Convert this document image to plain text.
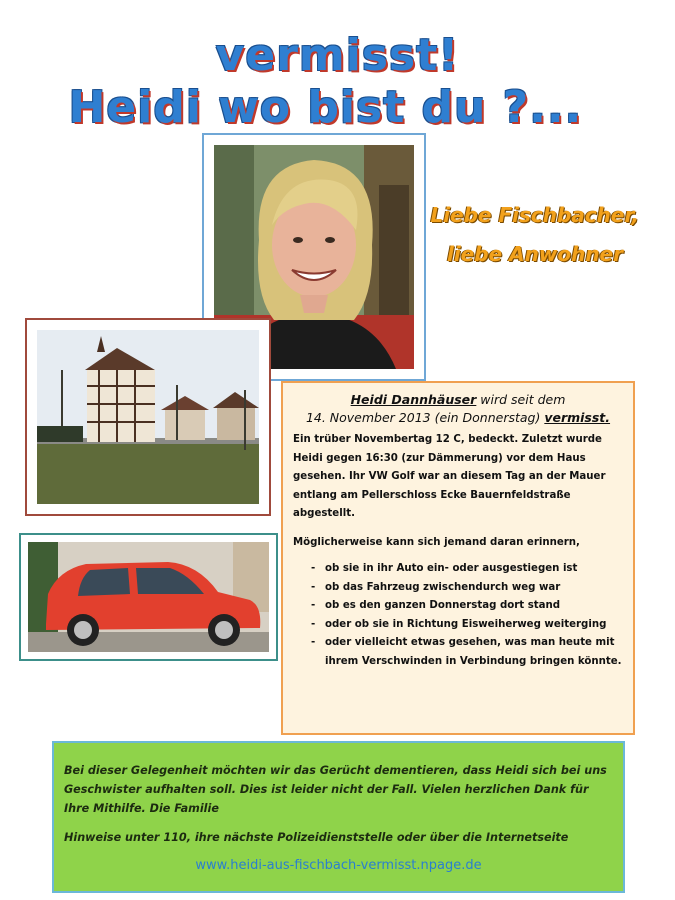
vermisst!
Heidi wo bist du ?...
Liebe Fischbacher,
liebe Anwohner
Heidi Dannhäuser wird seit dem
14. November 2013 (ein Donnerstag) vermisst.
Ein trüber Novembertag 12 C, bedeckt. Zuletzt wurde Heidi gegen 16:30 (zur Dämmerung) vor dem Haus gesehen. Ihr VW Golf war an diesem Tag an der Mauer entlang am Pellerschloss Ecke Bauernfeldstraße abgestellt.
Möglicherweise kann sich jemand daran erinnern,
- ob sie in ihr Auto ein- oder ausgestiegen ist
- ob das Fahrzeug zwischendurch weg war
- ob es den ganzen Donnerstag dort stand
- oder ob sie in Richtung Eisweiherweg weiterging
- oder vielleicht etwas gesehen, was man heute mit ihrem Verschwinden in Verbindung bringen könnte.
Bei dieser Gelegenheit möchten wir das Gerücht dementieren, dass Heidi sich bei uns Geschwister aufhalten soll. Dies ist leider nicht der Fall. Vielen herzlichen Dank für Ihre Mithilfe. Die Familie
Hinweise unter 110, ihre nächste Polizeidienststelle oder über die Internetseite
www.heidi-aus-fischbach-vermisst.npage.de
